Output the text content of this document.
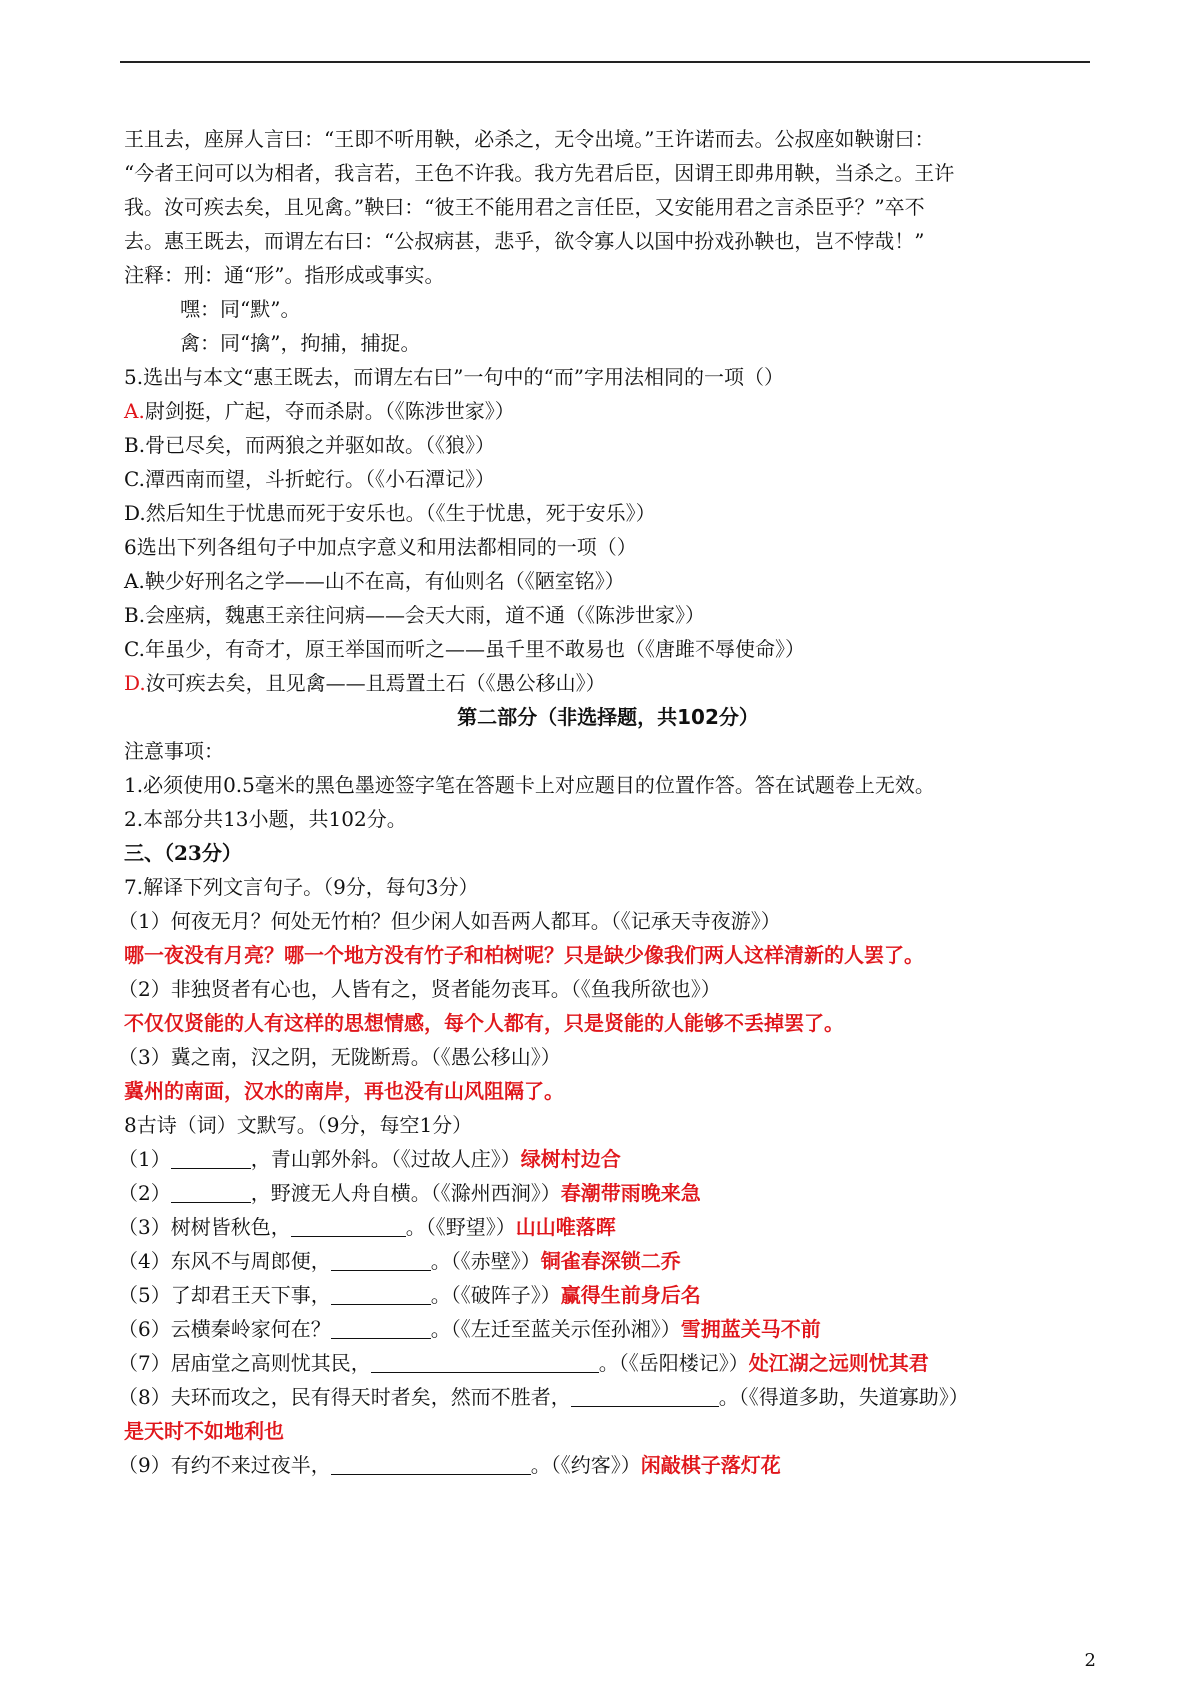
王且去，座屏人言曰：“王即不听用鞅，必杀之，无令出境。”王许诺而去。公叔座如鞅谢曰：
“今者王问可以为相者，我言若，王色不许我。我方先君后臣，因谓王即弗用鞅，当杀之。王许
我。汝可疾去矣，且见禽。”鞅曰：“彼王不能用君之言任臣，又安能用君之言杀臣乎？”卒不
去。惠王既去，而谓左右曰：“公叔病甚，悲乎，欲令寡人以国中扮戏孙鞅也，岂不悖哉！”
注释：刑：通“形”。指形成或事实。
嘿：同“默”。
禽：同“擒”，拘捕，捕捉。
5.选出与本文“惠王既去，而谓左右曰”一句中的“而”字用法相同的一项（）
A.尉剑挺，广起，夺而杀尉。（《陈涉世家》）
B.骨已尽矣，而两狼之并驱如故。（《狼》）
C.潭西南而望，斗折蛇行。（《小石潭记》）
D.然后知生于忧患而死于安乐也。（《生于忧患，死于安乐》）
6选出下列各组句子中加点字意义和用法都相同的一项（）
A.鞅少好刑名之学——山不在高，有仙则名（《陋室铭》）
B.会座病，魏惠王亲往问病——会天大雨，道不通（《陈涉世家》）
C.年虽少，有奇才，原王举国而听之——虽千里不敢易也（《唐雎不辱使命》）
D.汝可疾去矣，且见禽——且焉置土石（《愚公移山》）
第二部分（非选择题，共102分）
注意事项：
1.必须使用0.5毫米的黑色墨迹签字笔在答题卡上对应题目的位置作答。答在试题卷上无效。
2.本部分共13小题，共102分。
三、（23分）
7.解译下列文言句子。（9分，每句3分）
（1）何夜无月？何处无竹柏？但少闲人如吾两人都耳。（《记承天寺夜游》）
哪一夜没有月亮？哪一个地方没有竹子和柏树呢？只是缺少像我们两人这样清新的人罢了。
（2）非独贤者有心也，人皆有之，贤者能勿丧耳。（《鱼我所欲也》）
不仅仅贤能的人有这样的思想情感，每个人都有，只是贤能的人能够不丢掉罢了。
（3）冀之南，汉之阴，无陇断焉。（《愚公移山》）
冀州的南面，汉水的南岸，再也没有山风阻隔了。
8古诗（词）文默写。（9分，每空1分）
（1）	，青山郭外斜。（《过故人庄》）绿树村边合
（2）	，野渡无人舟自横。（《滁州西涧》）春潮带雨晚来急
（3）树树皆秋色，	。（《野望》）山山唯落晖
（4）东风不与周郎便，	。（《赤壁》）铜雀春深锁二乔
（5）了却君王天下事，	。（《破阵子》）赢得生前身后名
（6）云横秦岭家何在？	。（《左迁至蓝关示侄孙湘》）雪拥蓝关马不前
（7）居庙堂之高则忧其民，	。（《岳阳楼记》）处江湖之远则忧其君
（8）夫环而攻之，民有得天时者矣，然而不胜者，	。（《得道多助，失道寡助》）
是天时不如地利也
（9）有约不来过夜半，	。（《约客》）闲敲棋子落灯花
2
